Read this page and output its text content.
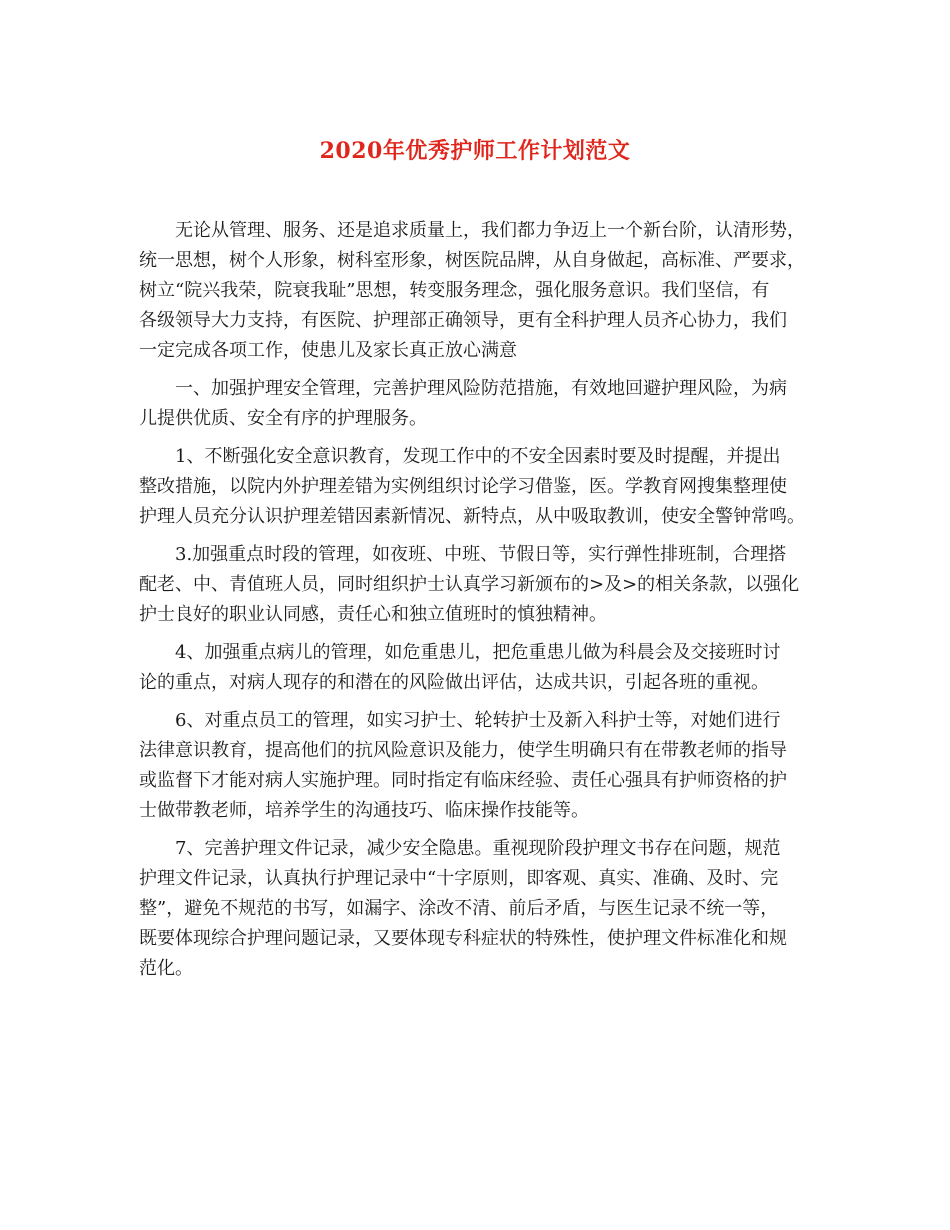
2020年优秀护师工作计划范文
无论从管理、服务、还是追求质量上，我们都力争迈上一个新台阶，认清形势，
统一思想，树个人形象，树科室形象，树医院品牌，从自身做起，高标准、严要求，
树立“院兴我荣，院衰我耻”思想，转变服务理念，强化服务意识。我们坚信，有
各级领导大力支持，有医院、护理部正确领导，更有全科护理人员齐心协力，我们
一定完成各项工作，使患儿及家长真正放心满意
一、加强护理安全管理，完善护理风险防范措施，有效地回避护理风险，为病
儿提供优质、安全有序的护理服务。
1、不断强化安全意识教育，发现工作中的不安全因素时要及时提醒，并提出
整改措施，以院内外护理差错为实例组织讨论学习借鉴，医。学教育网搜集整理使
护理人员充分认识护理差错因素新情况、新特点，从中吸取教训，使安全警钟常鸣。
3.加强重点时段的管理，如夜班、中班、节假日等，实行弹性排班制，合理搭
配老、中、青值班人员，同时组织护士认真学习新颁布的>及>的相关条款，以强化
护士良好的职业认同感，责任心和独立值班时的慎独精神。
4、加强重点病儿的管理，如危重患儿，把危重患儿做为科晨会及交接班时讨
论的重点，对病人现存的和潜在的风险做出评估，达成共识，引起各班的重视。
6、对重点员工的管理，如实习护士、轮转护士及新入科护士等，对她们进行
法律意识教育，提高他们的抗风险意识及能力，使学生明确只有在带教老师的指导
或监督下才能对病人实施护理。同时指定有临床经验、责任心强具有护师资格的护
士做带教老师，培养学生的沟通技巧、临床操作技能等。
7、完善护理文件记录，减少安全隐患。重视现阶段护理文书存在问题，规范
护理文件记录，认真执行护理记录中“十字原则，即客观、真实、准确、及时、完
整”，避免不规范的书写，如漏字、涂改不清、前后矛盾，与医生记录不统一等，
既要体现综合护理问题记录，又要体现专科症状的特殊性，使护理文件标准化和规
范化。
